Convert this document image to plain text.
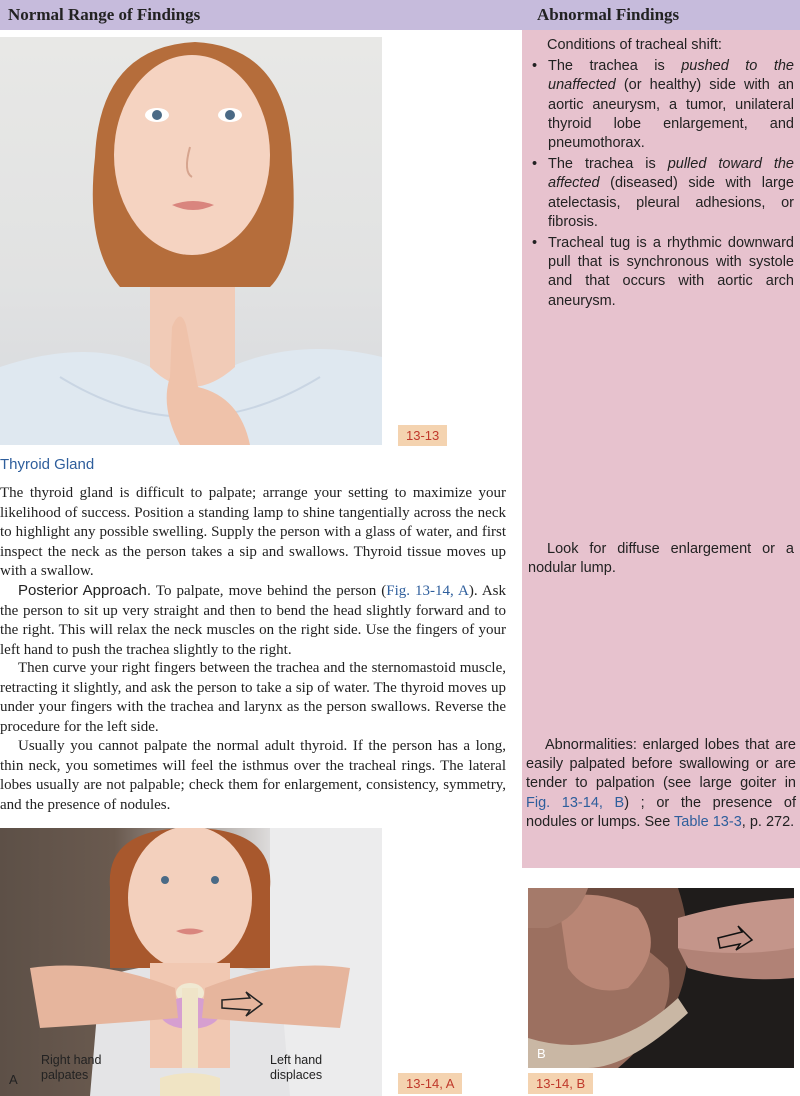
Normal Range of Findings	Abnormal Findings
13-13
Conditions of tracheal shift:
• The trachea is pushed to the unaffected (or healthy) side with an aortic aneurysm, a tumor, unilateral thyroid lobe enlargement, and pneumothorax.
• The trachea is pulled toward the affected (diseased) side with large atelectasis, pleural adhesions, or fibrosis.
• Tracheal tug is a rhythmic downward pull that is synchronous with systole and that occurs with aortic arch aneurysm.
Look for diffuse enlargement or a nodular lump.
Abnormalities: enlarged lobes that are easily palpated before swallowing or are tender to palpation (see large goiter in Fig. 13-14, B) ; or the presence of nodules or lumps. See Table 13-3, p. 272.
Thyroid Gland
The thyroid gland is difficult to palpate; arrange your setting to maximize your likelihood of success. Position a standing lamp to shine tangentially across the neck to highlight any possible swelling. Supply the person with a glass of water, and first inspect the neck as the person takes a sip and swallows. Thyroid tissue moves up with a swallow.
Posterior Approach. To palpate, move behind the person (Fig. 13-14, A). Ask the person to sit up very straight and then to bend the head slightly forward and to the right. This will relax the neck muscles on the right side. Use the fingers of your left hand to push the trachea slightly to the right.
Then curve your right fingers between the trachea and the sternomastoid muscle, retracting it slightly, and ask the person to take a sip of water. The thyroid moves up under your fingers with the trachea and larynx as the person swallows. Reverse the procedure for the left side.
Usually you cannot palpate the normal adult thyroid. If the person has a long, thin neck, you sometimes will feel the isthmus over the tracheal rings. The lateral lobes usually are not palpable; check them for enlargement, consistency, symmetry, and the presence of nodules.
A
Right hand
palpates
Left hand
displaces
13-14, A
B
13-14, B
